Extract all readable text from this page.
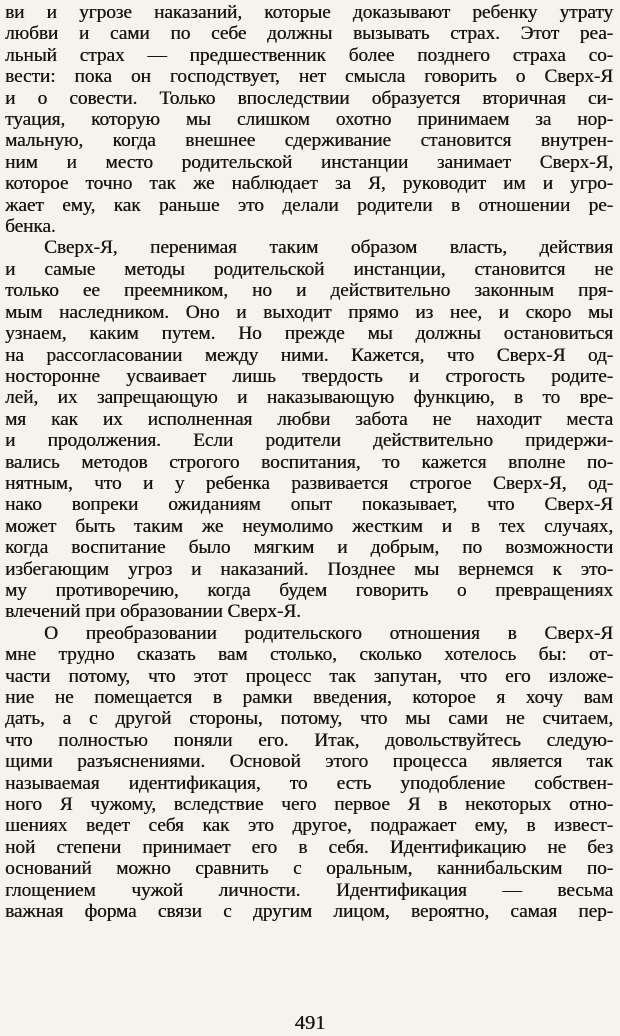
ви и угрозе наказаний, которые доказывают ребенку утрату
любви и сами по себе должны вызывать страх. Этот реа-
льный страх — предшественник более позднего страха со-
вести: пока он господствует, нет смысла говорить о Сверх-Я
и о совести. Только впоследствии образуется вторичная си-
туация, которую мы слишком охотно принимаем за нор-
мальную, когда внешнее сдерживание становится внутрен-
ним и место родительской инстанции занимает Сверх-Я,
которое точно так же наблюдает за Я, руководит им и угро-
жает ему, как раньше это делали родители в отношении ре-
бенка.
Сверх-Я, перенимая таким образом власть, действия
и самые методы родительской инстанции, становится не
только ее преемником, но и действительно законным пря-
мым наследником. Оно и выходит прямо из нее, и скоро мы
узнаем, каким путем. Но прежде мы должны остановиться
на рассогласовании между ними. Кажется, что Сверх-Я од-
носторонне усваивает лишь твердость и строгость родите-
лей, их запрещающую и наказывающую функцию, в то вре-
мя как их исполненная любви забота не находит места
и продолжения. Если родители действительно придержи-
вались методов строгого воспитания, то кажется вполне по-
нятным, что и у ребенка развивается строгое Сверх-Я, од-
нако вопреки ожиданиям опыт показывает, что Сверх-Я
может быть таким же неумолимо жестким и в тех случаях,
когда воспитание было мягким и добрым, по возможности
избегающим угроз и наказаний. Позднее мы вернемся к это-
му противоречию, когда будем говорить о превращениях
влечений при образовании Сверх-Я.
О преобразовании родительского отношения в Сверх-Я
мне трудно сказать вам столько, сколько хотелось бы: от-
части потому, что этот процесс так запутан, что его изложе-
ние не помещается в рамки введения, которое я хочу вам
дать, а с другой стороны, потому, что мы сами не считаем,
что полностью поняли его. Итак, довольствуйтесь следую-
щими разъяснениями. Основой этого процесса является так
называемая идентификация, то есть уподобление собствен-
ного Я чужому, вследствие чего первое Я в некоторых отно-
шениях ведет себя как это другое, подражает ему, в извест-
ной степени принимает его в себя. Идентификацию не без
оснований можно сравнить с оральным, каннибальским по-
глощением чужой личности. Идентификация — весьма
важная форма связи с другим лицом, вероятно, самая пер-
491
